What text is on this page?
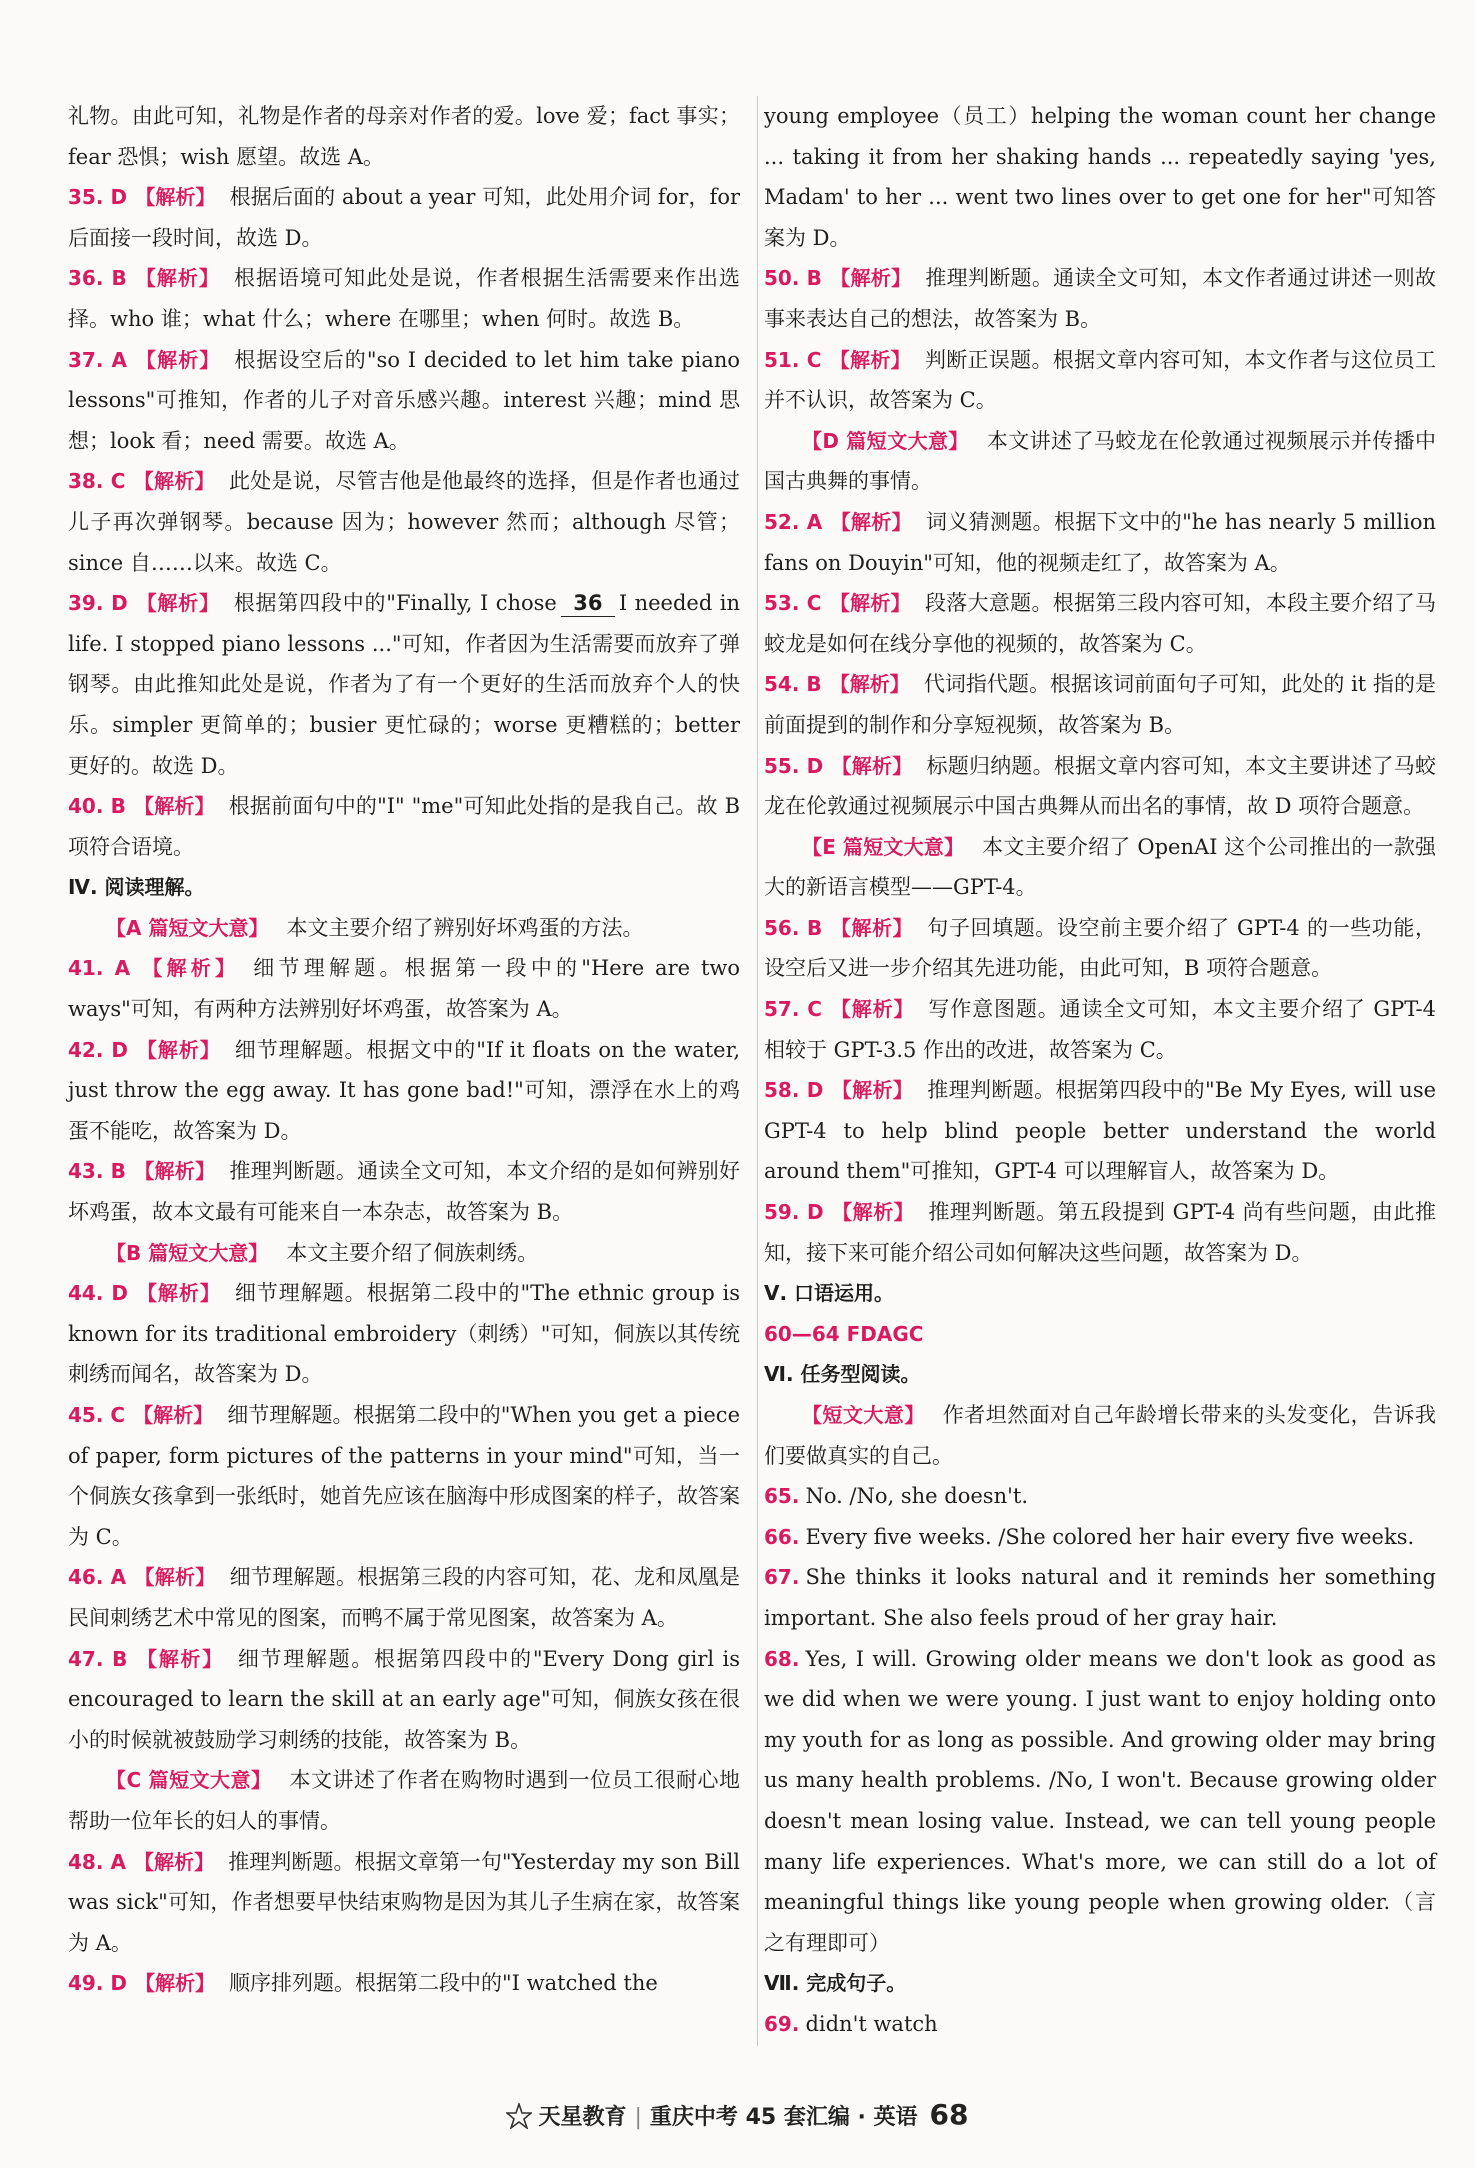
礼物。由此可知，礼物是作者的母亲对作者的爱。love 爱；fact 事实；fear 恐惧；wish 愿望。故选 A。

35. D 【解析】 根据后面的 about a year 可知，此处用介词 for，for 后面接一段时间，故选 D。

36. B 【解析】 根据语境可知此处是说，作者根据生活需要来作出选择。who 谁；what 什么；where 在哪里；when 何时。故选 B。

37. A 【解析】 根据设空后的"so I decided to let him take piano lessons"可推知，作者的儿子对音乐感兴趣。interest 兴趣；mind 思想；look 看；need 需要。故选 A。

38. C 【解析】 此处是说，尽管吉他是他最终的选择，但是作者也通过儿子再次弹钢琴。because 因为；however 然而；although 尽管；since 自……以来。故选 C。

39. D 【解析】 根据第四段中的"Finally, I chose 36 I needed in life. I stopped piano lessons ..."可知，作者因为生活需要而放弃了弹钢琴。由此推知此处是说，作者为了有一个更好的生活而放弃个人的快乐。simpler 更简单的；busier 更忙碌的；worse 更糟糕的；better 更好的。故选 D。

40. B 【解析】 根据前面句中的"I" "me"可知此处指的是我自己。故 B 项符合语境。

Ⅳ. 阅读理解。

【A 篇短文大意】 本文主要介绍了辨别好坏鸡蛋的方法。

41. A 【解析】 细节理解题。根据第一段中的"Here are two ways"可知，有两种方法辨别好坏鸡蛋，故答案为 A。

42. D 【解析】 细节理解题。根据文中的"If it floats on the water, just throw the egg away. It has gone bad!"可知，漂浮在水上的鸡蛋不能吃，故答案为 D。

43. B 【解析】 推理判断题。通读全文可知，本文介绍的是如何辨别好坏鸡蛋，故本文最有可能来自一本杂志，故答案为 B。

【B 篇短文大意】 本文主要介绍了侗族刺绣。

44. D 【解析】 细节理解题。根据第二段中的"The ethnic group is known for its traditional embroidery（刺绣）"可知，侗族以其传统刺绣而闻名，故答案为 D。

45. C 【解析】 细节理解题。根据第二段中的"When you get a piece of paper, form pictures of the patterns in your mind"可知，当一个侗族女孩拿到一张纸时，她首先应该在脑海中形成图案的样子，故答案为 C。

46. A 【解析】 细节理解题。根据第三段的内容可知，花、龙和凤凰是民间刺绣艺术中常见的图案，而鸭不属于常见图案，故答案为 A。

47. B 【解析】 细节理解题。根据第四段中的"Every Dong girl is encouraged to learn the skill at an early age"可知，侗族女孩在很小的时候就被鼓励学习刺绣的技能，故答案为 B。

【C 篇短文大意】 本文讲述了作者在购物时遇到一位员工很耐心地帮助一位年长的妇人的事情。

48. A 【解析】 推理判断题。根据文章第一句"Yesterday my son Bill was sick"可知，作者想要早快结束购物是因为其儿子生病在家，故答案为 A。

49. D 【解析】 顺序排列题。根据第二段中的"I watched the

young employee（员工）helping the woman count her change ... taking it from her shaking hands ... repeatedly saying 'yes, Madam' to her ... went two lines over to get one for her"可知答案为 D。

50. B 【解析】 推理判断题。通读全文可知，本文作者通过讲述一则故事来表达自己的想法，故答案为 B。

51. C 【解析】 判断正误题。根据文章内容可知，本文作者与这位员工并不认识，故答案为 C。

【D 篇短文大意】 本文讲述了马蛟龙在伦敦通过视频展示并传播中国古典舞的事情。

52. A 【解析】 词义猜测题。根据下文中的"he has nearly 5 million fans on Douyin"可知，他的视频走红了，故答案为 A。

53. C 【解析】 段落大意题。根据第三段内容可知，本段主要介绍了马蛟龙是如何在线分享他的视频的，故答案为 C。

54. B 【解析】 代词指代题。根据该词前面句子可知，此处的 it 指的是前面提到的制作和分享短视频，故答案为 B。

55. D 【解析】 标题归纳题。根据文章内容可知，本文主要讲述了马蛟龙在伦敦通过视频展示中国古典舞从而出名的事情，故 D 项符合题意。

【E 篇短文大意】 本文主要介绍了 OpenAI 这个公司推出的一款强大的新语言模型——GPT-4。

56. B 【解析】 句子回填题。设空前主要介绍了 GPT-4 的一些功能，设空后又进一步介绍其先进功能，由此可知，B 项符合题意。

57. C 【解析】 写作意图题。通读全文可知，本文主要介绍了 GPT-4 相较于 GPT-3.5 作出的改进，故答案为 C。

58. D 【解析】 推理判断题。根据第四段中的"Be My Eyes, will use GPT-4 to help blind people better understand the world around them"可推知，GPT-4 可以理解盲人，故答案为 D。

59. D 【解析】 推理判断题。第五段提到 GPT-4 尚有些问题，由此推知，接下来可能介绍公司如何解决这些问题，故答案为 D。

Ⅴ. 口语运用。

60—64 FDAGC

Ⅵ. 任务型阅读。

【短文大意】 作者坦然面对自己年龄增长带来的头发变化，告诉我们要做真实的自己。

65. No. /No, she doesn't.

66. Every five weeks. /She colored her hair every five weeks.

67. She thinks it looks natural and it reminds her something important. She also feels proud of her gray hair.

68. Yes, I will. Growing older means we don't look as good as we did when we were young. I just want to enjoy holding onto my youth for as long as possible. And growing older may bring us many health problems. /No, I won't. Because growing older doesn't mean losing value. Instead, we can tell young people many life experiences. What's more, we can still do a lot of meaningful things like young people when growing older.（言之有理即可）

Ⅶ. 完成句子。

69. didn't watch

天星教育 | 重庆中考 45 套汇编 · 英语 68
